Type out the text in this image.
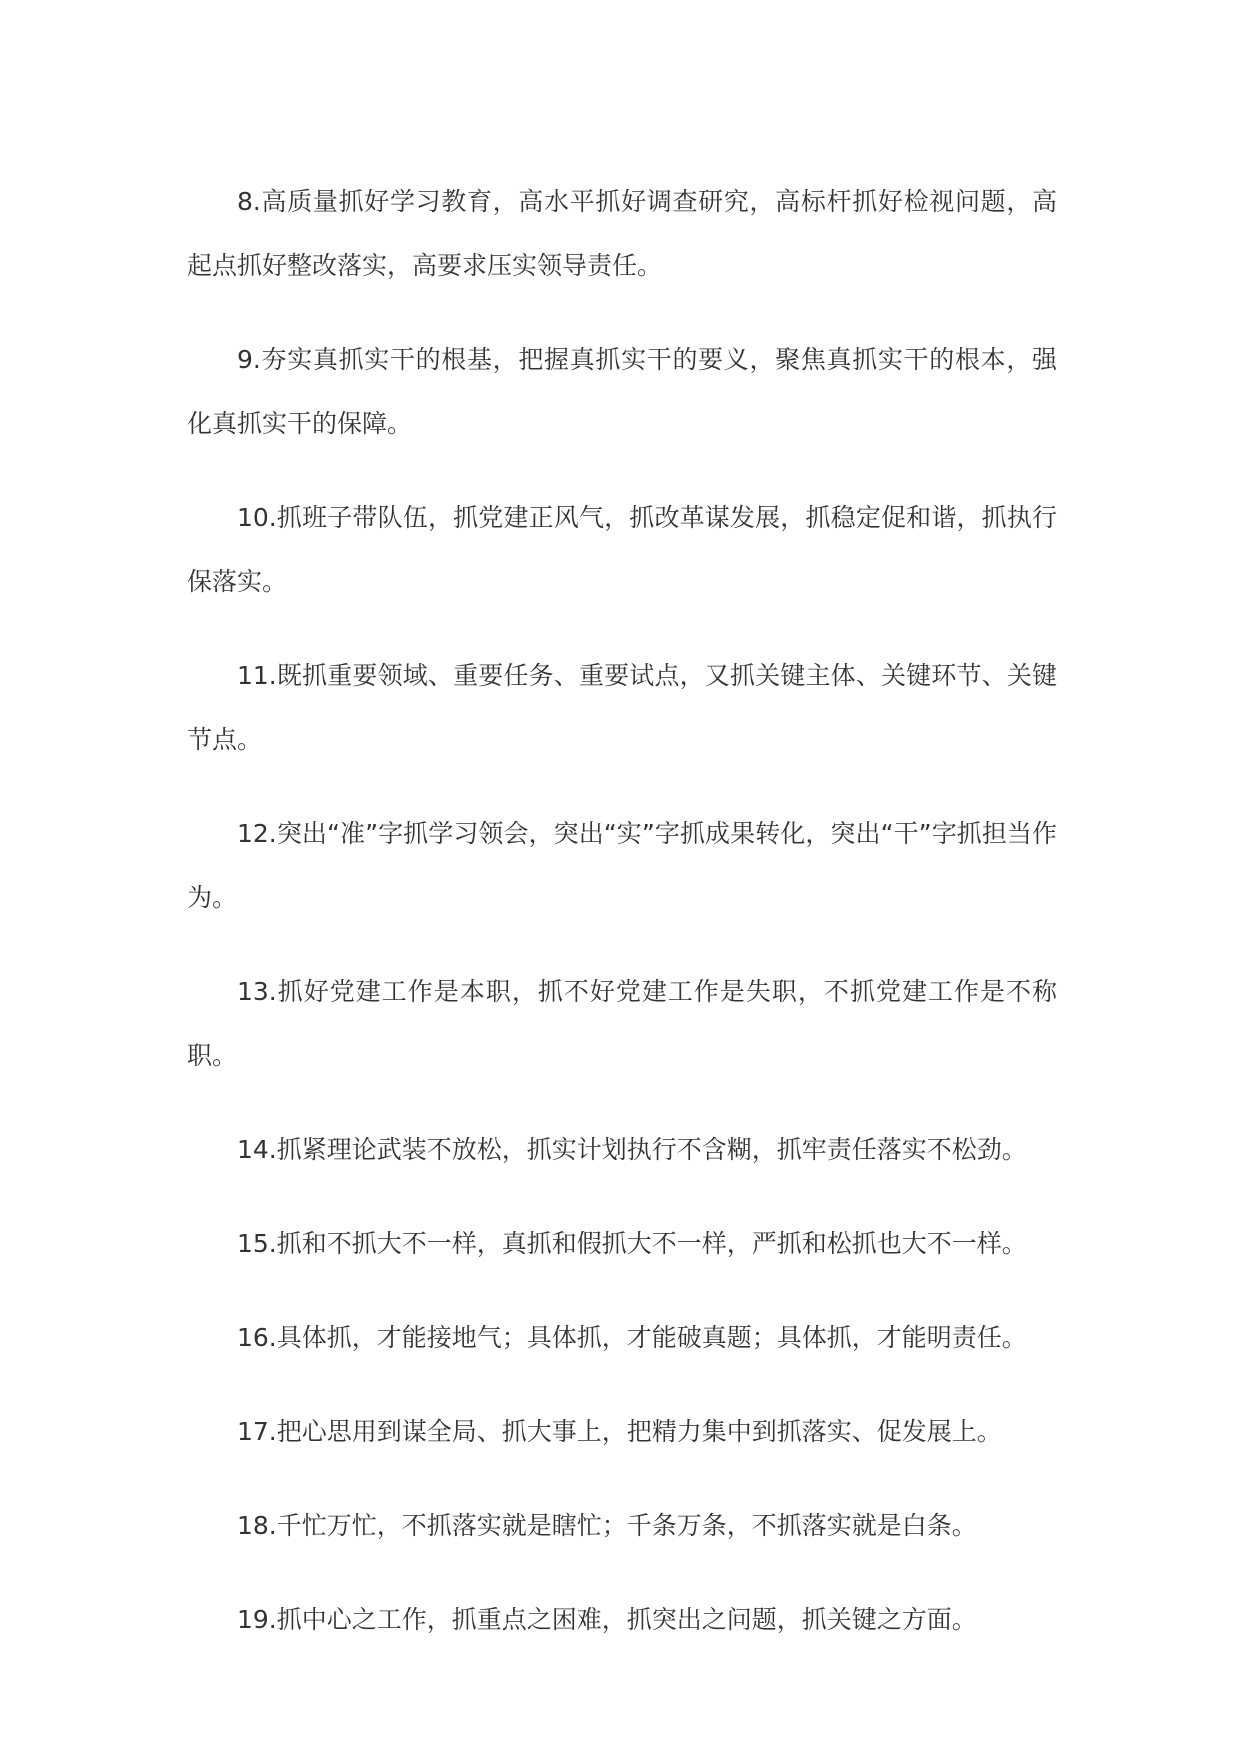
8.高质量抓好学习教育，高水平抓好调查研究，高标杆抓好检视问题，高起点抓好整改落实，高要求压实领导责任。

9.夯实真抓实干的根基，把握真抓实干的要义，聚焦真抓实干的根本，强化真抓实干的保障。

10.抓班子带队伍，抓党建正风气，抓改革谋发展，抓稳定促和谐，抓执行保落实。

11.既抓重要领域、重要任务、重要试点，又抓关键主体、关键环节、关键节点。

12.突出“准”字抓学习领会，突出“实”字抓成果转化，突出“干”字抓担当作为。

13.抓好党建工作是本职，抓不好党建工作是失职，不抓党建工作是不称职。

14.抓紧理论武装不放松，抓实计划执行不含糊，抓牢责任落实不松劲。

15.抓和不抓大不一样，真抓和假抓大不一样，严抓和松抓也大不一样。

16.具体抓，才能接地气；具体抓，才能破真题；具体抓，才能明责任。

17.把心思用到谋全局、抓大事上，把精力集中到抓落实、促发展上。

18.千忙万忙，不抓落实就是瞎忙；千条万条，不抓落实就是白条。

19.抓中心之工作，抓重点之困难，抓突出之问题，抓关键之方面。
